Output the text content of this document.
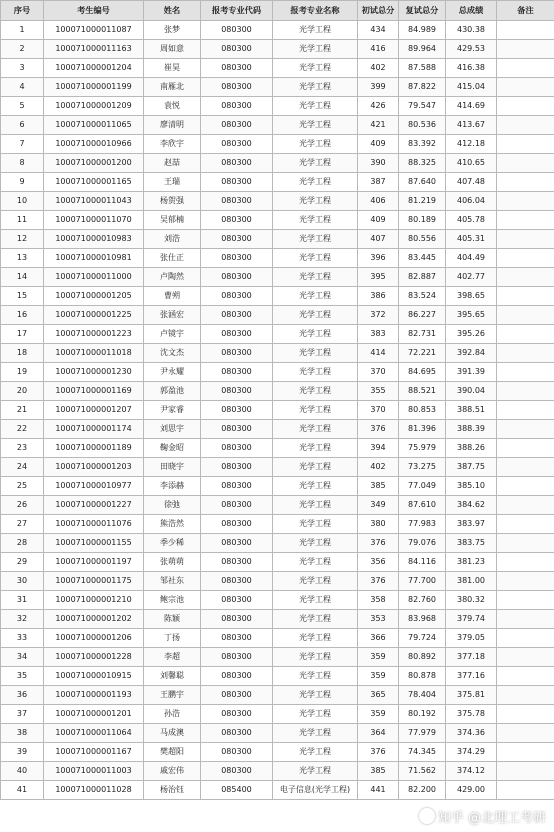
序号	考生编号	姓名	报考专业代码	报考专业名称	初试总分	复试总分	总成绩	备注
1	100071000011087	张梦	080300	光学工程	434	84.989	430.38	
2	100071000011163	周如意	080300	光学工程	416	89.964	429.53	
3	100071000001204	崔昊	080300	光学工程	402	87.588	416.38	
4	100071000001199	南雁北	080300	光学工程	399	87.822	415.04	
5	100071000001209	袁悦	080300	光学工程	426	79.547	414.69	
6	100071000011065	廖清明	080300	光学工程	421	80.536	413.67	
7	100071000010966	李欣宇	080300	光学工程	409	83.392	412.18	
8	100071000001200	赵喆	080300	光学工程	390	88.325	410.65	
9	100071000001165	王瑞	080300	光学工程	387	87.640	407.48	
10	100071000011043	杨贺强	080300	光学工程	406	81.219	406.04	
11	100071000011070	吴郁楠	080300	光学工程	409	80.189	405.78	
12	100071000010983	刘浩	080300	光学工程	407	80.556	405.31	
13	100071000010981	张仕正	080300	光学工程	396	83.445	404.49	
14	100071000011000	卢陶然	080300	光学工程	395	82.887	402.77	
15	100071000001205	曹朔	080300	光学工程	386	83.524	398.65	
16	100071000001225	张涵宏	080300	光学工程	372	86.227	395.65	
17	100071000001223	卢镜宇	080300	光学工程	383	82.731	395.26	
18	100071000011018	沈文杰	080300	光学工程	414	72.221	392.84	
19	100071000001230	尹永耀	080300	光学工程	370	84.695	391.39	
20	100071000001169	郭盈池	080300	光学工程	355	88.521	390.04	
21	100071000001207	尹家睿	080300	光学工程	370	80.853	388.51	
22	100071000001174	刘思宇	080300	光学工程	376	81.396	388.39	
23	100071000001189	鞠金昭	080300	光学工程	394	75.979	388.26	
24	100071000001203	田晓宇	080300	光学工程	402	73.275	387.75	
25	100071000010977	李添赫	080300	光学工程	385	77.049	385.10	
26	100071000001227	徐弛	080300	光学工程	349	87.610	384.62	
27	100071000011076	熊浩然	080300	光学工程	380	77.983	383.97	
28	100071000001155	季少稀	080300	光学工程	376	79.076	383.75	
29	100071000001197	张萌萌	080300	光学工程	356	84.116	381.23	
30	100071000001175	邹社东	080300	光学工程	376	77.700	381.00	
31	100071000001210	鲍宗池	080300	光学工程	358	82.760	380.32	
32	100071000001202	陈颖	080300	光学工程	353	83.968	379.74	
33	100071000001206	丁扬	080300	光学工程	366	79.724	379.05	
34	100071000001228	李超	080300	光学工程	359	80.892	377.18	
35	100071000010915	刘馨聪	080300	光学工程	359	80.878	377.16	
36	100071000001193	王鹏宇	080300	光学工程	365	78.404	375.81	
37	100071000001201	孙浩	080300	光学工程	359	80.192	375.78	
38	100071000011064	马成澳	080300	光学工程	364	77.979	374.36	
39	100071000001167	樊超阳	080300	光学工程	376	74.345	374.29	
40	100071000011003	戚宏伟	080300	光学工程	385	71.562	374.12	
41	100071000011028	杨治钰	085400	电子信息(光学工程)	441	82.200	429.00	
知乎 @北理工考研
